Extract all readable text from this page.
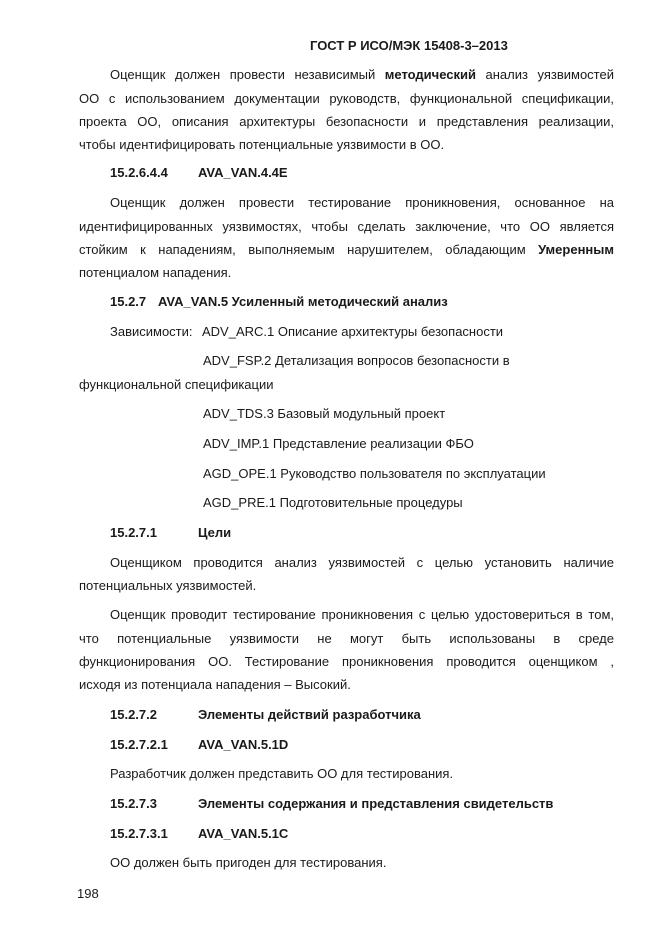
ГОСТ Р ИСО/МЭК 15408-3–2013
Оценщик должен провести независимый методический анализ уязвимостей
ОО с использованием документации руководств, функциональной спецификации,
проекта ОО, описания архитектуры безопасности и представления реализации,
чтобы идентифицировать потенциальные уязвимости в ОО.
15.2.6.4.4 AVA_VAN.4.4E
Оценщик должен провести тестирование проникновения, основанное на
идентифицированных уязвимостях, чтобы сделать заключение, что ОО является
стойким к нападениям, выполняемым нарушителем, обладающим Умеренным
потенциалом нападения.
15.2.7 AVA_VAN.5 Усиленный методический анализ
Зависимости: ADV_ARC.1 Описание архитектуры безопасности
ADV_FSP.2 Детализация вопросов безопасности в
функциональной спецификации
ADV_TDS.3 Базовый модульный проект
ADV_IMP.1 Представление реализации ФБО
AGD_OPE.1 Руководство пользователя по эксплуатации
AGD_PRE.1 Подготовительные процедуры
15.2.7.1	Цели
Оценщиком проводится анализ уязвимостей с целью установить наличие
потенциальных уязвимостей.
Оценщик проводит тестирование проникновения с целью удостовериться в том,
что потенциальные уязвимости не могут быть использованы в среде
функционирования ОО. Тестирование проникновения проводится оценщиком ,
исходя из потенциала нападения – Высокий.
15.2.7.2	Элементы действий разработчика
15.2.7.2.1 AVA_VAN.5.1D
Разработчик должен представить ОО для тестирования.
15.2.7.3	Элементы содержания и представления свидетельств
15.2.7.3.1 AVA_VAN.5.1C
ОО должен быть пригоден для тестирования.
198
